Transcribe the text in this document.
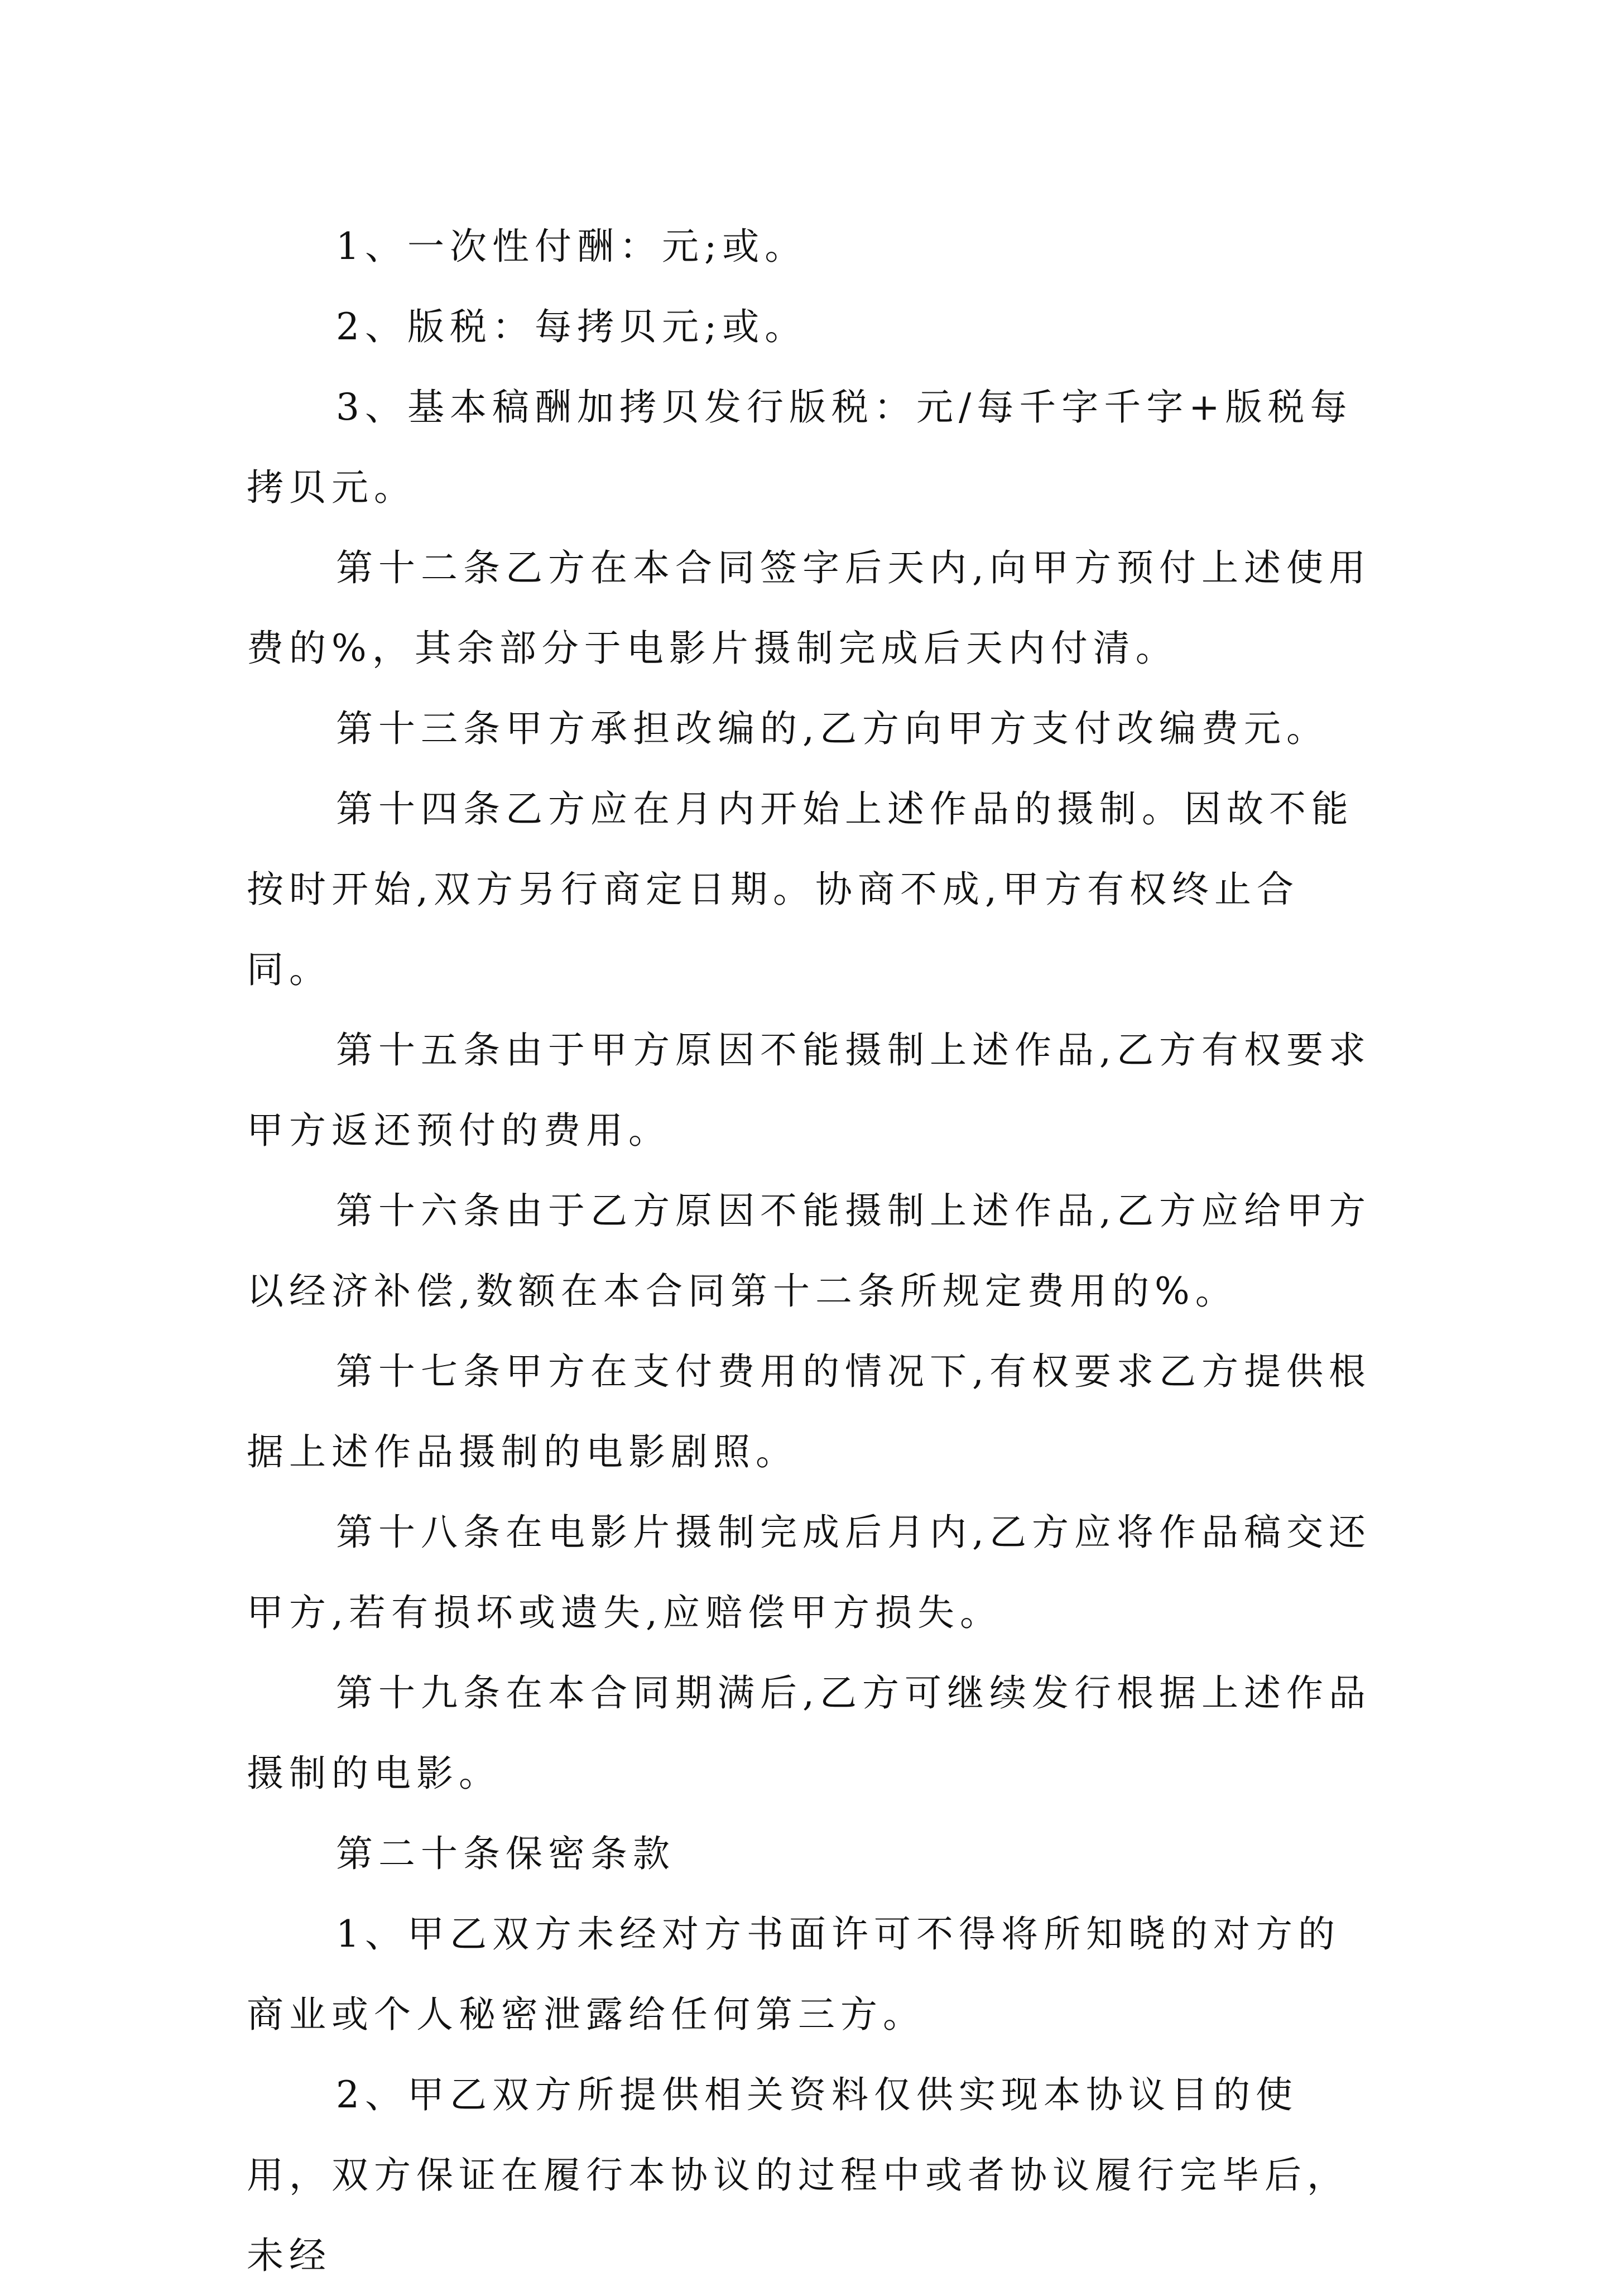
1、一次性付酬：元;或。

2、版税：每拷贝元;或。

3、基本稿酬加拷贝发行版税：元/每千字千字+版税每拷贝元。

第十二条乙方在本合同签字后天内,向甲方预付上述使用费的%，其余部分于电影片摄制完成后天内付清。

第十三条甲方承担改编的,乙方向甲方支付改编费元。

第十四条乙方应在月内开始上述作品的摄制。因故不能按时开始,双方另行商定日期。协商不成,甲方有权终止合同。

第十五条由于甲方原因不能摄制上述作品,乙方有权要求甲方返还预付的费用。

第十六条由于乙方原因不能摄制上述作品,乙方应给甲方以经济补偿,数额在本合同第十二条所规定费用的%。

第十七条甲方在支付费用的情况下,有权要求乙方提供根据上述作品摄制的电影剧照。

第十八条在电影片摄制完成后月内,乙方应将作品稿交还甲方,若有损坏或遗失,应赔偿甲方损失。

第十九条在本合同期满后,乙方可继续发行根据上述作品摄制的电影。

第二十条保密条款

1、甲乙双方未经对方书面许可不得将所知晓的对方的商业或个人秘密泄露给任何第三方。

2、甲乙双方所提供相关资料仅供实现本协议目的使用，双方保证在履行本协议的过程中或者协议履行完毕后，未经
